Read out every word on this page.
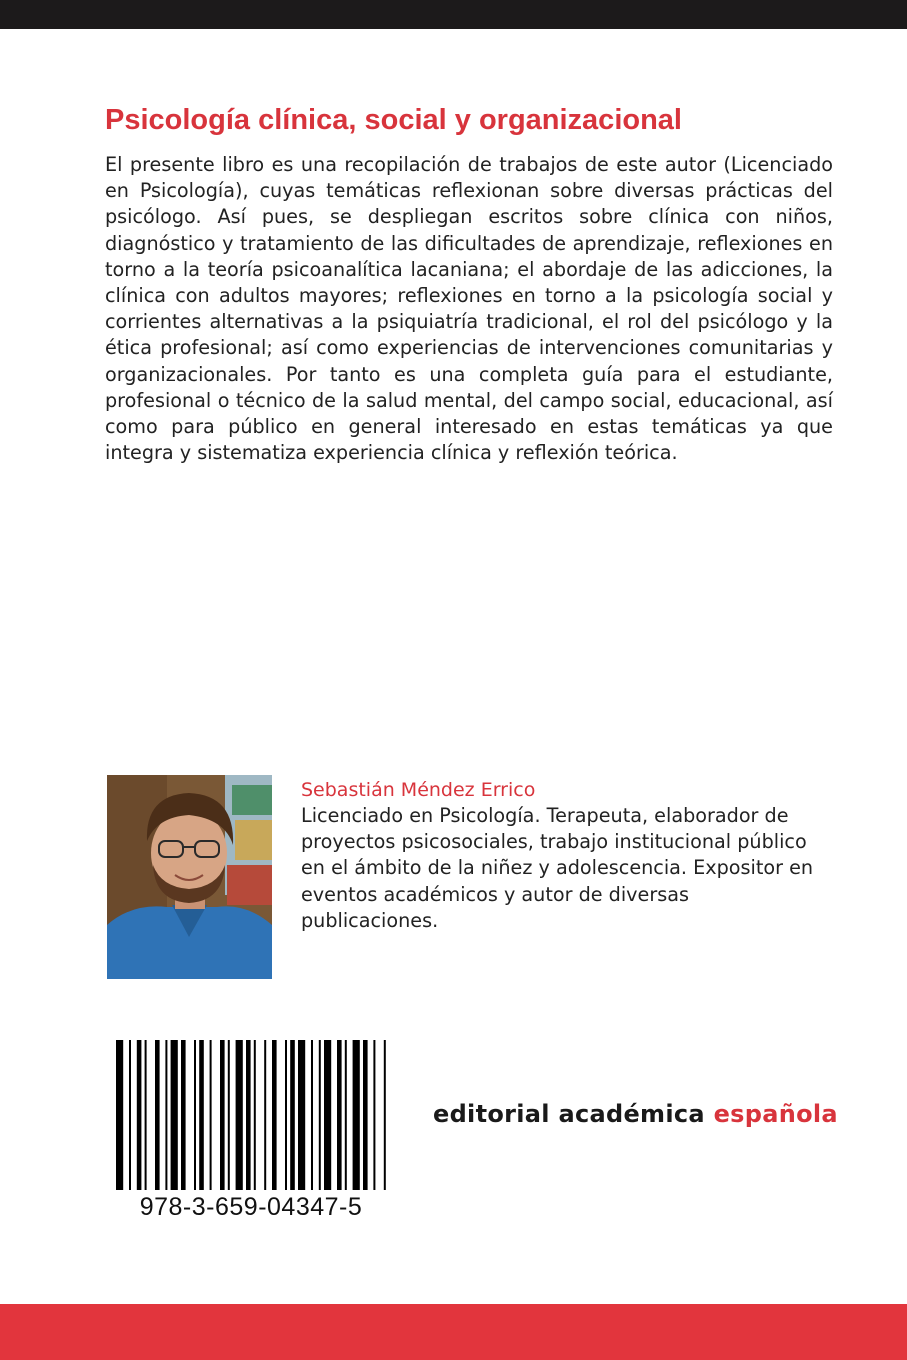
Psicología clínica, social y organizacional

El presente libro es una recopilación de trabajos de este autor (Licenciado en Psicología), cuyas temáticas reflexionan sobre diversas prácticas del psicólogo. Así pues, se despliegan escritos sobre clínica con niños, diagnóstico y tratamiento de las dificultades de aprendizaje, reflexiones en torno a la teoría psicoanalítica lacaniana; el abordaje de las adicciones, la clínica con adultos mayores; reflexiones en torno a la psicología social y corrientes alternativas a la psiquiatría tradicional, el rol del psicólogo y la ética profesional; así como experiencias de intervenciones comunitarias y organizacionales. Por tanto es una completa guía para el estudiante, profesional o técnico de la salud mental, del campo social, educacional, así como para público en general interesado en estas temáticas ya que integra y sistematiza experiencia clínica y reflexión teórica.

Sebastián Méndez Errico

Licenciado en Psicología. Terapeuta, elaborador de proyectos psicosociales, trabajo institucional público en el ámbito de la niñez y adolescencia. Expositor en eventos académicos y autor de diversas publicaciones.

978-3-659-04347-5

editorial académica española
